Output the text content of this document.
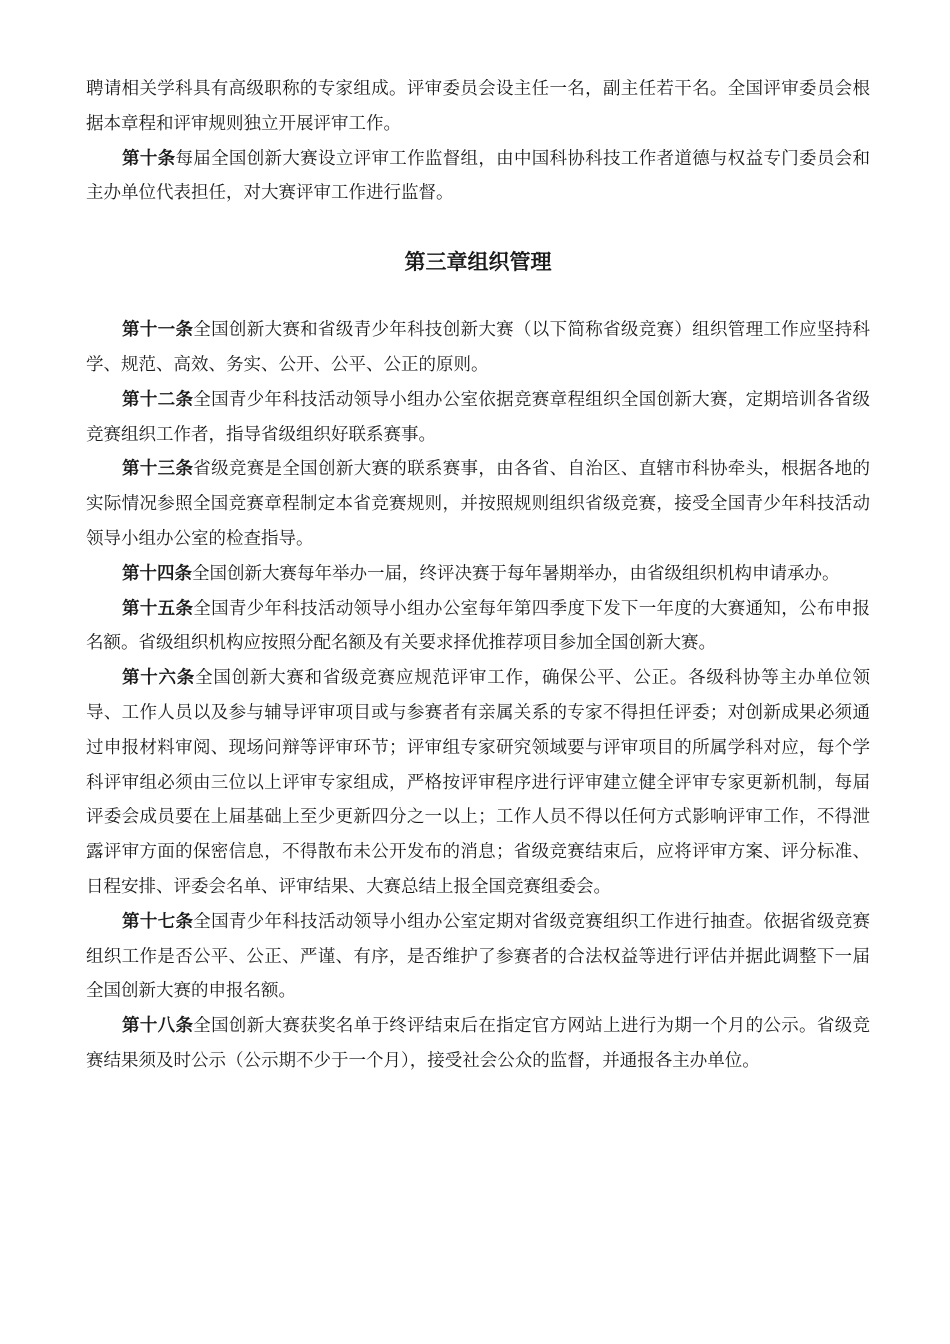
聘请相关学科具有高级职称的专家组成。评审委员会设主任一名，副主任若干名。全国评审委员会根据本章程和评审规则独立开展评审工作。

第十条每届全国创新大赛设立评审工作监督组，由中国科协科技工作者道德与权益专门委员会和主办单位代表担任，对大赛评审工作进行监督。

第三章组织管理

第十一条全国创新大赛和省级青少年科技创新大赛（以下简称省级竞赛）组织管理工作应坚持科学、规范、高效、务实、公开、公平、公正的原则。

第十二条全国青少年科技活动领导小组办公室依据竞赛章程组织全国创新大赛，定期培训各省级竞赛组织工作者，指导省级组织好联系赛事。

第十三条省级竞赛是全国创新大赛的联系赛事，由各省、自治区、直辖市科协牵头，根据各地的实际情况参照全国竞赛章程制定本省竞赛规则，并按照规则组织省级竞赛，接受全国青少年科技活动领导小组办公室的检查指导。

第十四条全国创新大赛每年举办一届，终评决赛于每年暑期举办，由省级组织机构申请承办。

第十五条全国青少年科技活动领导小组办公室每年第四季度下发下一年度的大赛通知，公布申报名额。省级组织机构应按照分配名额及有关要求择优推荐项目参加全国创新大赛。

第十六条全国创新大赛和省级竞赛应规范评审工作，确保公平、公正。各级科协等主办单位领导、工作人员以及参与辅导评审项目或与参赛者有亲属关系的专家不得担任评委；对创新成果必须通过申报材料审阅、现场问辩等评审环节；评审组专家研究领域要与评审项目的所属学科对应，每个学科评审组必须由三位以上评审专家组成，严格按评审程序进行评审建立健全评审专家更新机制，每届评委会成员要在上届基础上至少更新四分之一以上；工作人员不得以任何方式影响评审工作，不得泄露评审方面的保密信息，不得散布未公开发布的消息；省级竞赛结束后，应将评审方案、评分标准、日程安排、评委会名单、评审结果、大赛总结上报全国竞赛组委会。

第十七条全国青少年科技活动领导小组办公室定期对省级竞赛组织工作进行抽查。依据省级竞赛组织工作是否公平、公正、严谨、有序，是否维护了参赛者的合法权益等进行评估并据此调整下一届全国创新大赛的申报名额。

第十八条全国创新大赛获奖名单于终评结束后在指定官方网站上进行为期一个月的公示。省级竞赛结果须及时公示（公示期不少于一个月），接受社会公众的监督，并通报各主办单位。
